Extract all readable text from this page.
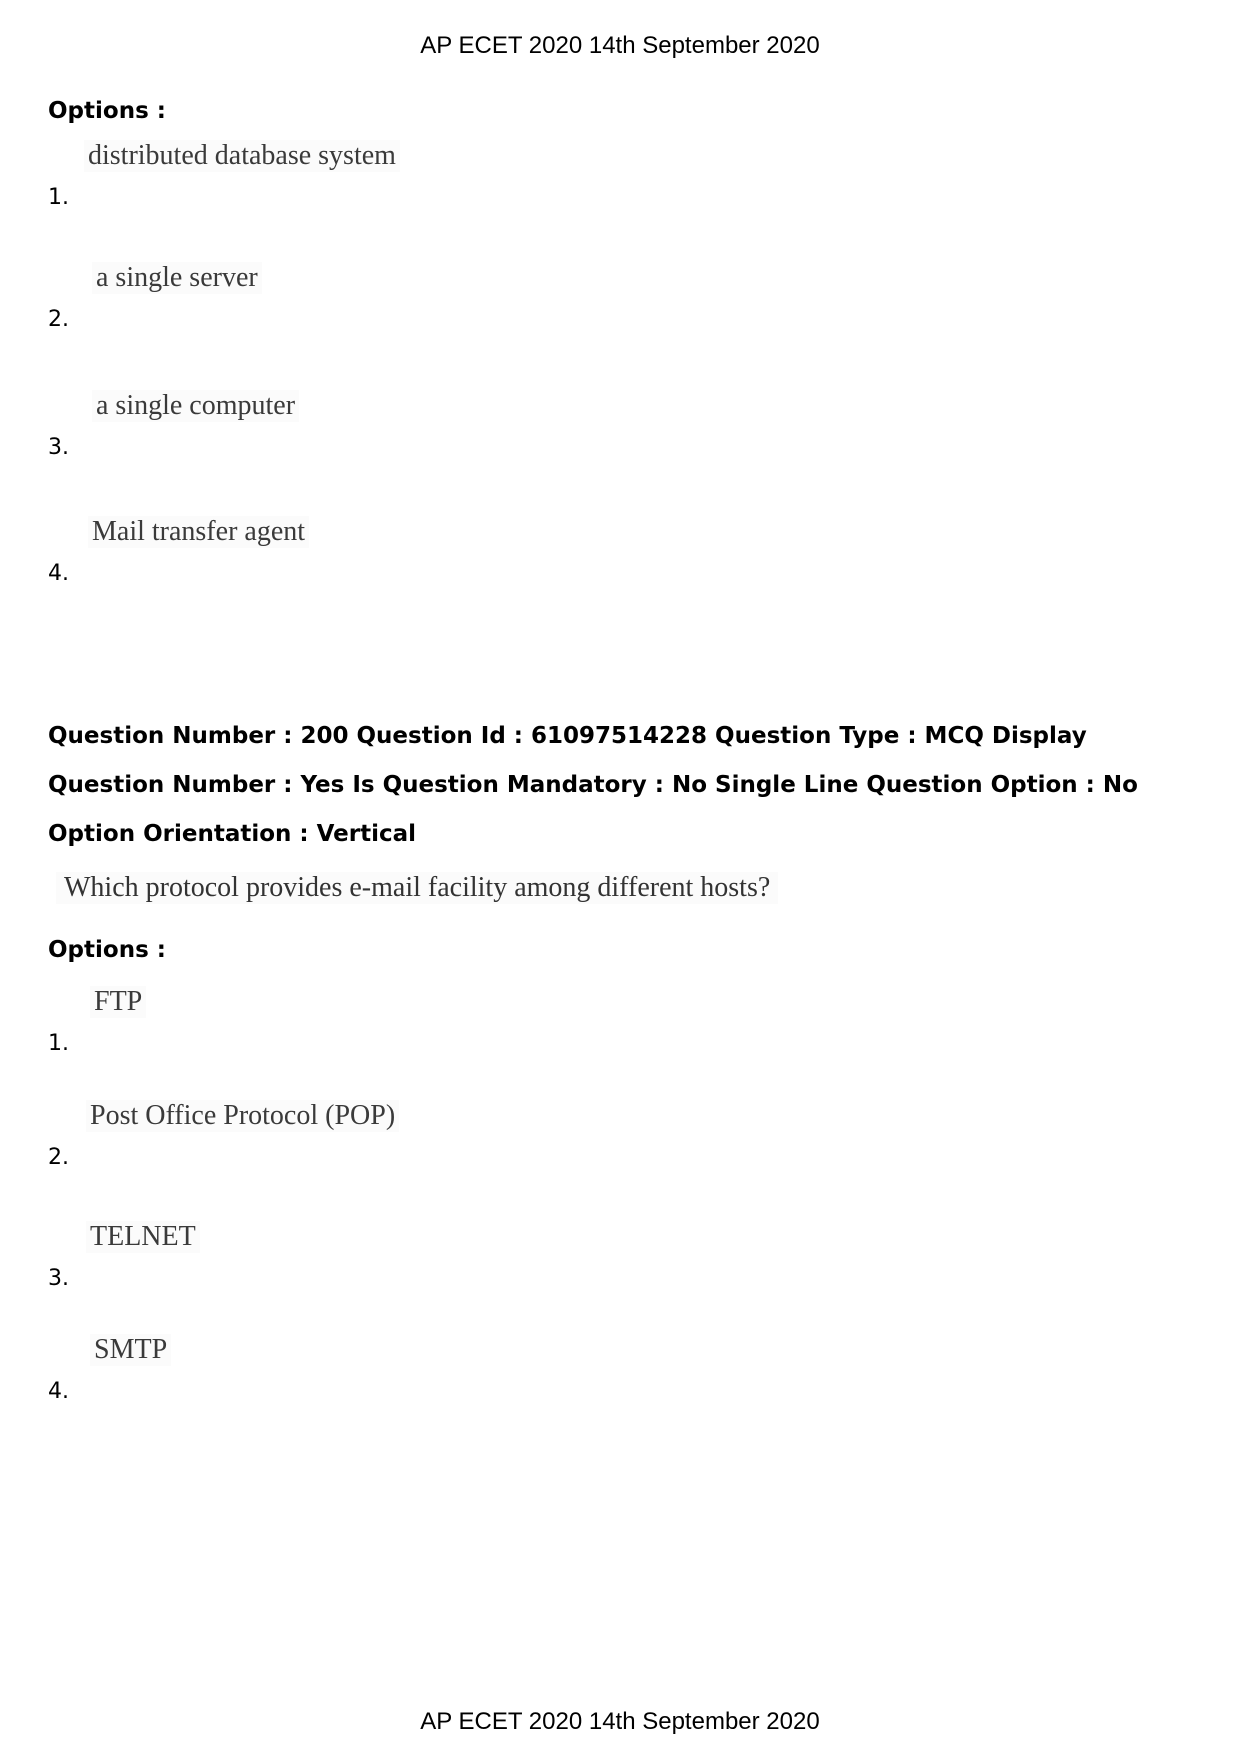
AP ECET 2020 14th September 2020
Options :
1.
distributed database system
2.
a single server
3.
a single computer
4.
Mail transfer agent
Question Number : 200 Question Id : 61097514228 Question Type : MCQ Display Question Number : Yes Is Question Mandatory : No Single Line Question Option : No Option Orientation : Vertical
Which protocol provides e-mail facility among different hosts?
Options :
1.
FTP
2.
Post Office Protocol (POP)
3.
TELNET
4.
SMTP
AP ECET 2020 14th September 2020
